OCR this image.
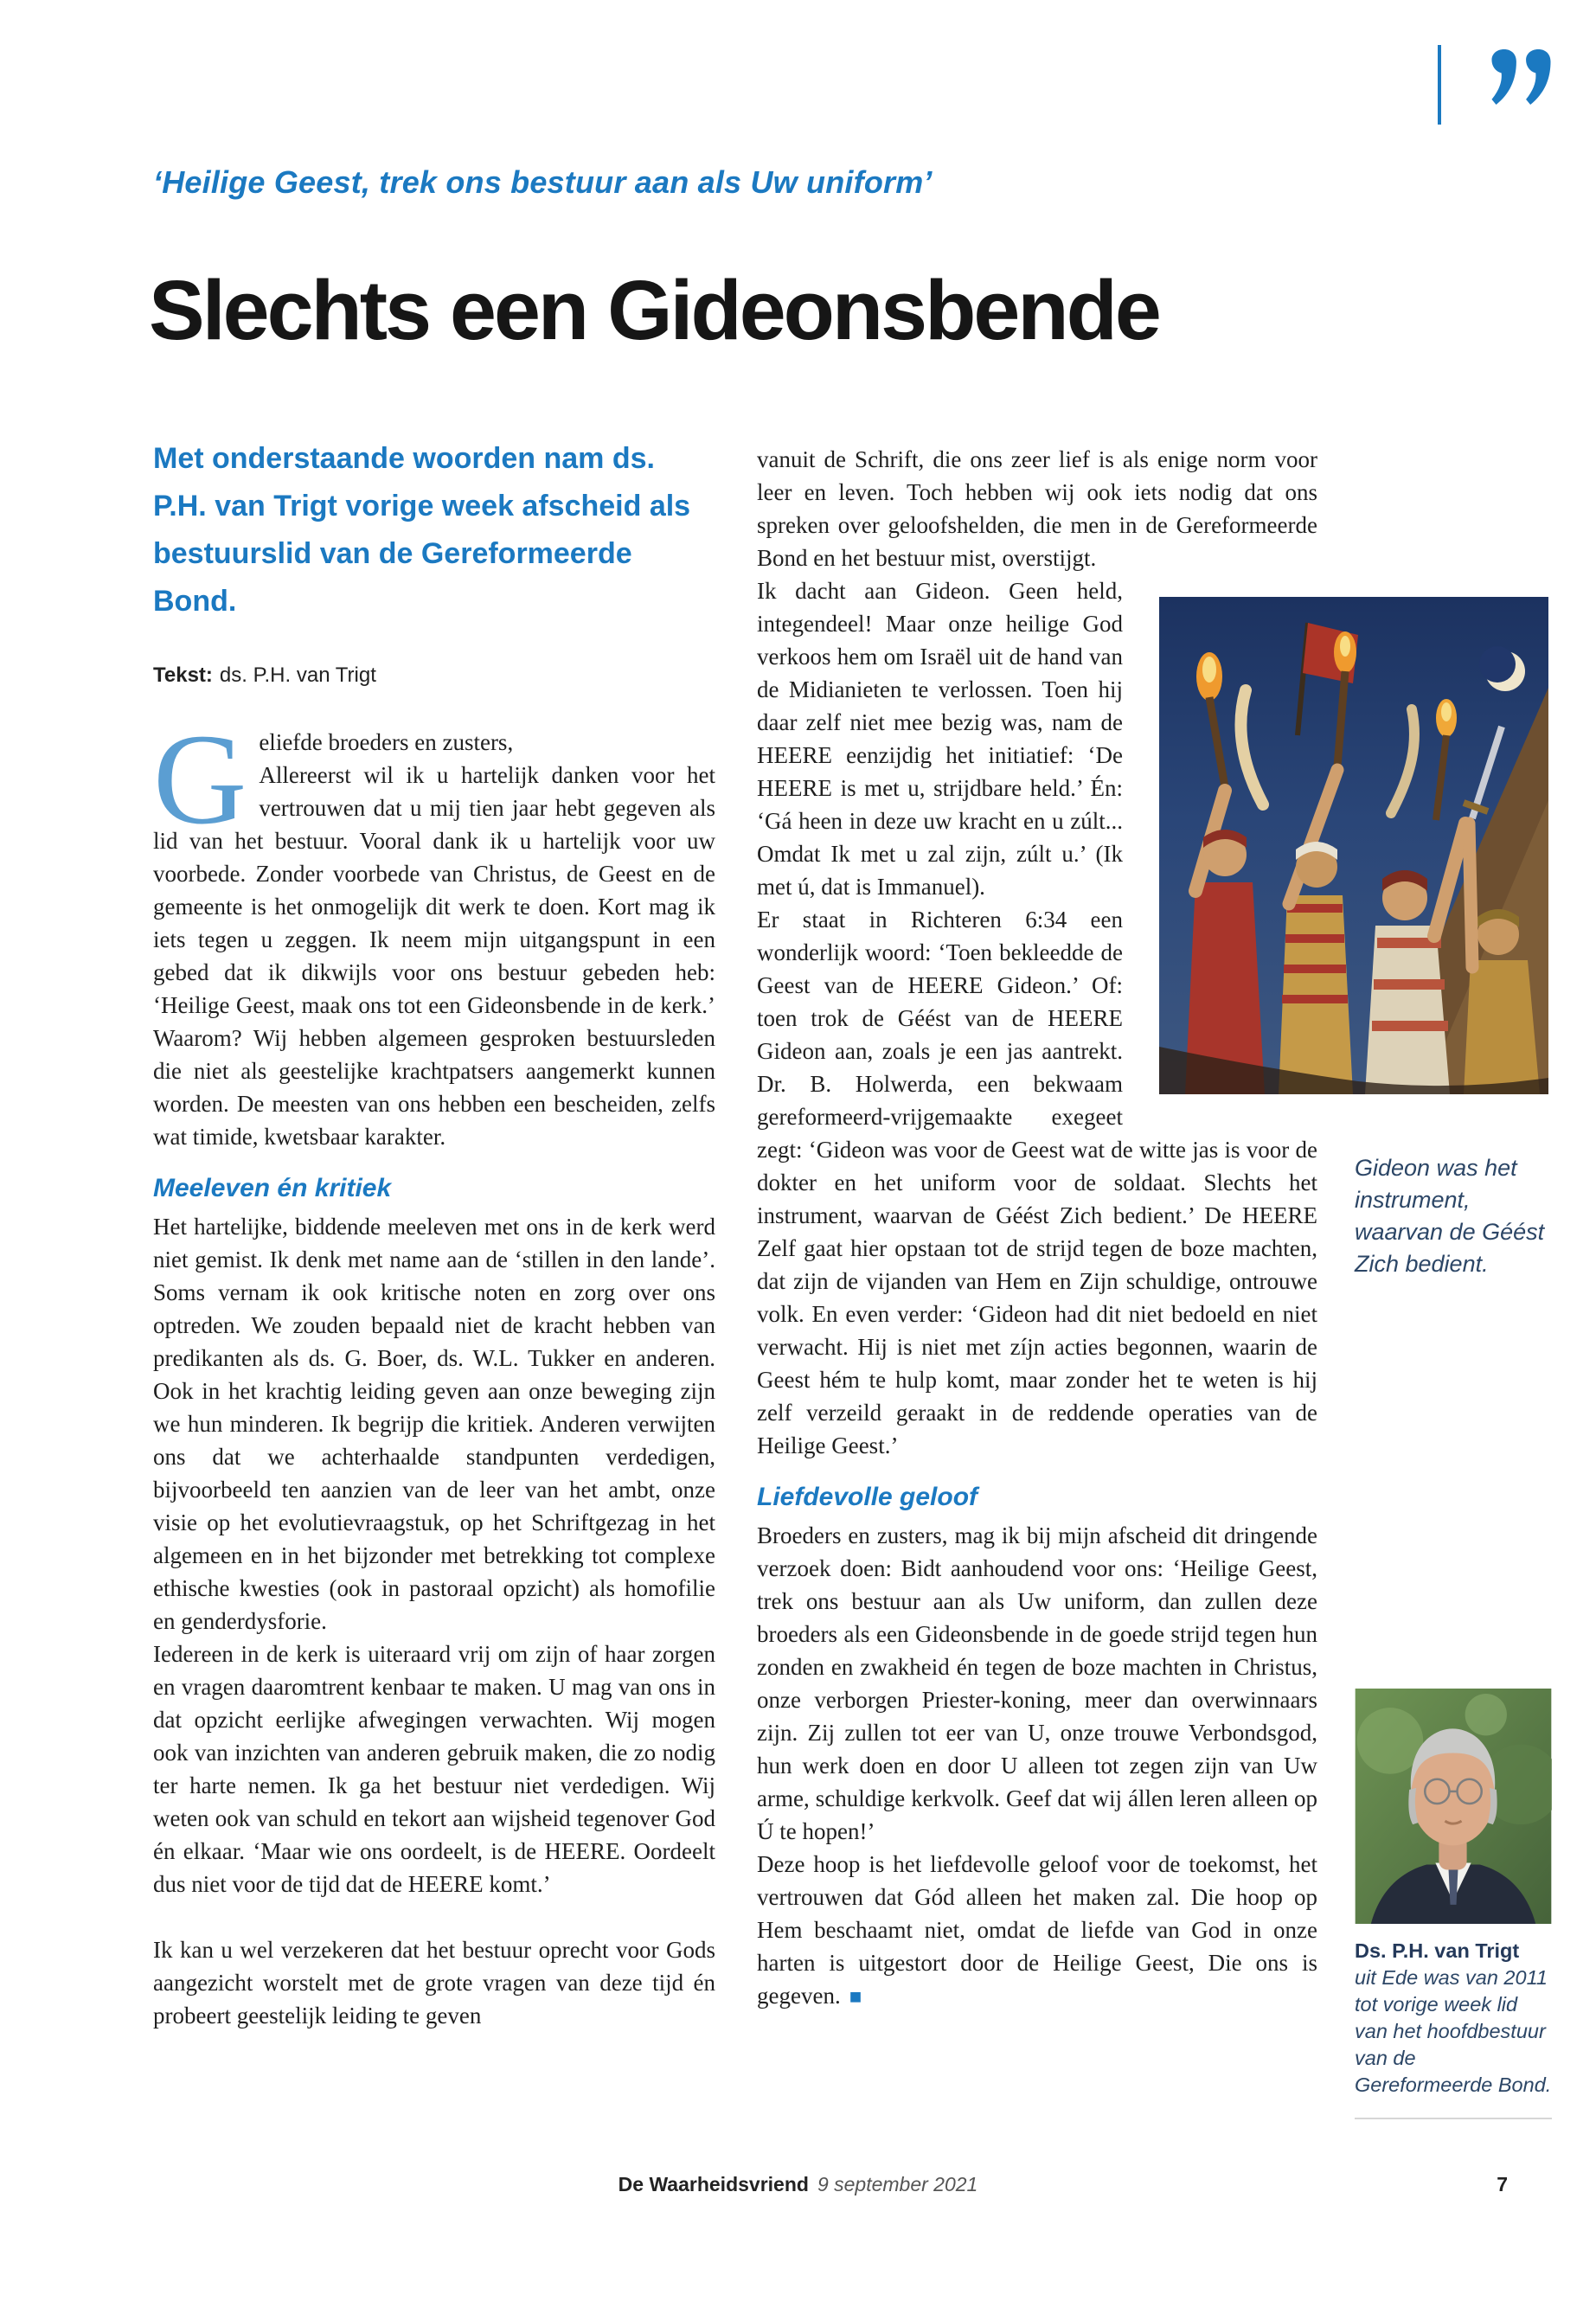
‘Heilige Geest, trek ons bestuur aan als Uw uniform’
Slechts een Gideonsbende

Met onderstaande woorden nam ds. P.H. van Trigt vorige week afscheid als bestuurslid van de Gereformeerde Bond.

Tekst: ds. P.H. van Trigt

G eliefde broeders en zusters,
Allereerst wil ik u hartelijk danken voor het vertrouwen dat u mij tien jaar hebt gegeven als lid van het bestuur. Vooral dank ik u hartelijk voor uw voorbede. Zonder voorbede van Christus, de Geest en de gemeente is het onmogelijk dit werk te doen. Kort mag ik iets tegen u zeggen. Ik neem mijn uitgangspunt in een gebed dat ik dikwijls voor ons bestuur gebeden heb: ‘Heilige Geest, maak ons tot een Gideonsbende in de kerk.’ Waarom? Wij hebben algemeen gesproken bestuursleden die niet als geestelijke krachtpatsers aangemerkt kunnen worden. De meesten van ons hebben een bescheiden, zelfs wat timide, kwetsbaar karakter.

Meeleven én kritiek

Het hartelijke, biddende meeleven met ons in de kerk werd niet gemist. Ik denk met name aan de ‘stillen in den lande’. Soms vernam ik ook kritische noten en zorg over ons optreden. We zouden bepaald niet de kracht hebben van predikanten als ds. G. Boer, ds. W.L. Tukker en anderen. Ook in het krachtig leiding geven aan onze beweging zijn we hun minderen. Ik begrijp die kritiek. Anderen verwijten ons dat we achterhaalde standpunten verdedigen, bijvoorbeeld ten aanzien van de leer van het ambt, onze visie op het evolutievraagstuk, op het Schriftgezag in het algemeen en in het bijzonder met betrekking tot complexe ethische kwesties (ook in pastoraal opzicht) als homofilie en genderdysforie.

Iedereen in de kerk is uiteraard vrij om zijn of haar zorgen en vragen daaromtrent kenbaar te maken. U mag van ons in dat opzicht eerlijke afwegingen verwachten. Wij mogen ook van inzichten van anderen gebruik maken, die zo nodig ter harte nemen. Ik ga het bestuur niet verdedigen. Wij weten ook van schuld en tekort aan wijsheid tegenover God én elkaar. ‘Maar wie ons oordeelt, is de HEERE. Oordeelt dus niet voor de tijd dat de HEERE komt.’

Ik kan u wel verzekeren dat het bestuur oprecht voor Gods aangezicht worstelt met de grote vragen van deze tijd én probeert geestelijk leiding te geven

vanuit de Schrift, die ons zeer lief is als enige norm voor leer en leven. Toch hebben wij ook iets nodig dat ons spreken over geloofshelden, die men in de Gereformeerde Bond en het bestuur mist, overstijgt.

Ik dacht aan Gideon. Geen held, integendeel! Maar onze heilige God verkoos hem om Israël uit de hand van de Midianieten te verlossen. Toen hij daar zelf niet mee bezig was, nam de HEERE eenzijdig het initiatief: ‘De HEERE is met u, strijdbare held.’ Én: ‘Gá heen in deze uw kracht en u zúlt... Omdat Ik met u zal zijn, zúlt u.’ (Ik met ú, dat is Immanuel).

Er staat in Richteren 6:34 een wonderlijk woord: ‘Toen bekleedde de Geest van de HEERE Gideon.’ Of: toen trok de Géést van de HEERE Gideon aan, zoals je een jas aantrekt. Dr. B. Holwerda, een bekwaam gereformeerd-vrijgemaakte exegeet zegt: ‘Gideon was voor de Geest wat de witte jas is voor de dokter en het uniform voor de soldaat. Slechts het instrument, waarvan de Géést Zich bedient.’ De HEERE Zelf gaat hier opstaan tot de strijd tegen de boze machten, dat zijn de vijanden van Hem en Zijn schuldige, ontrouwe volk. En even verder: ‘Gideon had dit niet bedoeld en niet verwacht. Hij is niet met zíjn acties begonnen, waarin de Geest hém te hulp komt, maar zonder het te weten is hij zelf verzeild geraakt in de reddende operaties van de Heilige Geest.’

Liefdevolle geloof

Broeders en zusters, mag ik bij mijn afscheid dit dringende verzoek doen: Bidt aanhoudend voor ons: ‘Heilige Geest, trek ons bestuur aan als Uw uniform, dan zullen deze broeders als een Gideonsbende in de goede strijd tegen hun zonden en zwakheid én tegen de boze machten in Christus, onze verborgen Priester-koning, meer dan overwinnaars zijn. Zij zullen tot eer van U, onze trouwe Verbondsgod, hun werk doen en door U alleen tot zegen zijn van Uw arme, schuldige kerkvolk. Geef dat wij állen leren alleen op Ú te hopen!’

Deze hoop is het liefdevolle geloof voor de toekomst, het vertrouwen dat Gód alleen het maken zal. Die hoop op Hem beschaamt niet, omdat de liefde van God in onze harten is uitgestort door de Heilige Geest, Die ons is gegeven. ■

Gideon was het instrument, waarvan de Géést Zich bedient.
Ds. P.H. van Trigt
uit Ede was van 2011 tot vorige week lid van het hoofdbestuur van de Gereformeerde Bond.
De Waarheidsvriend 9 september 2021	7
